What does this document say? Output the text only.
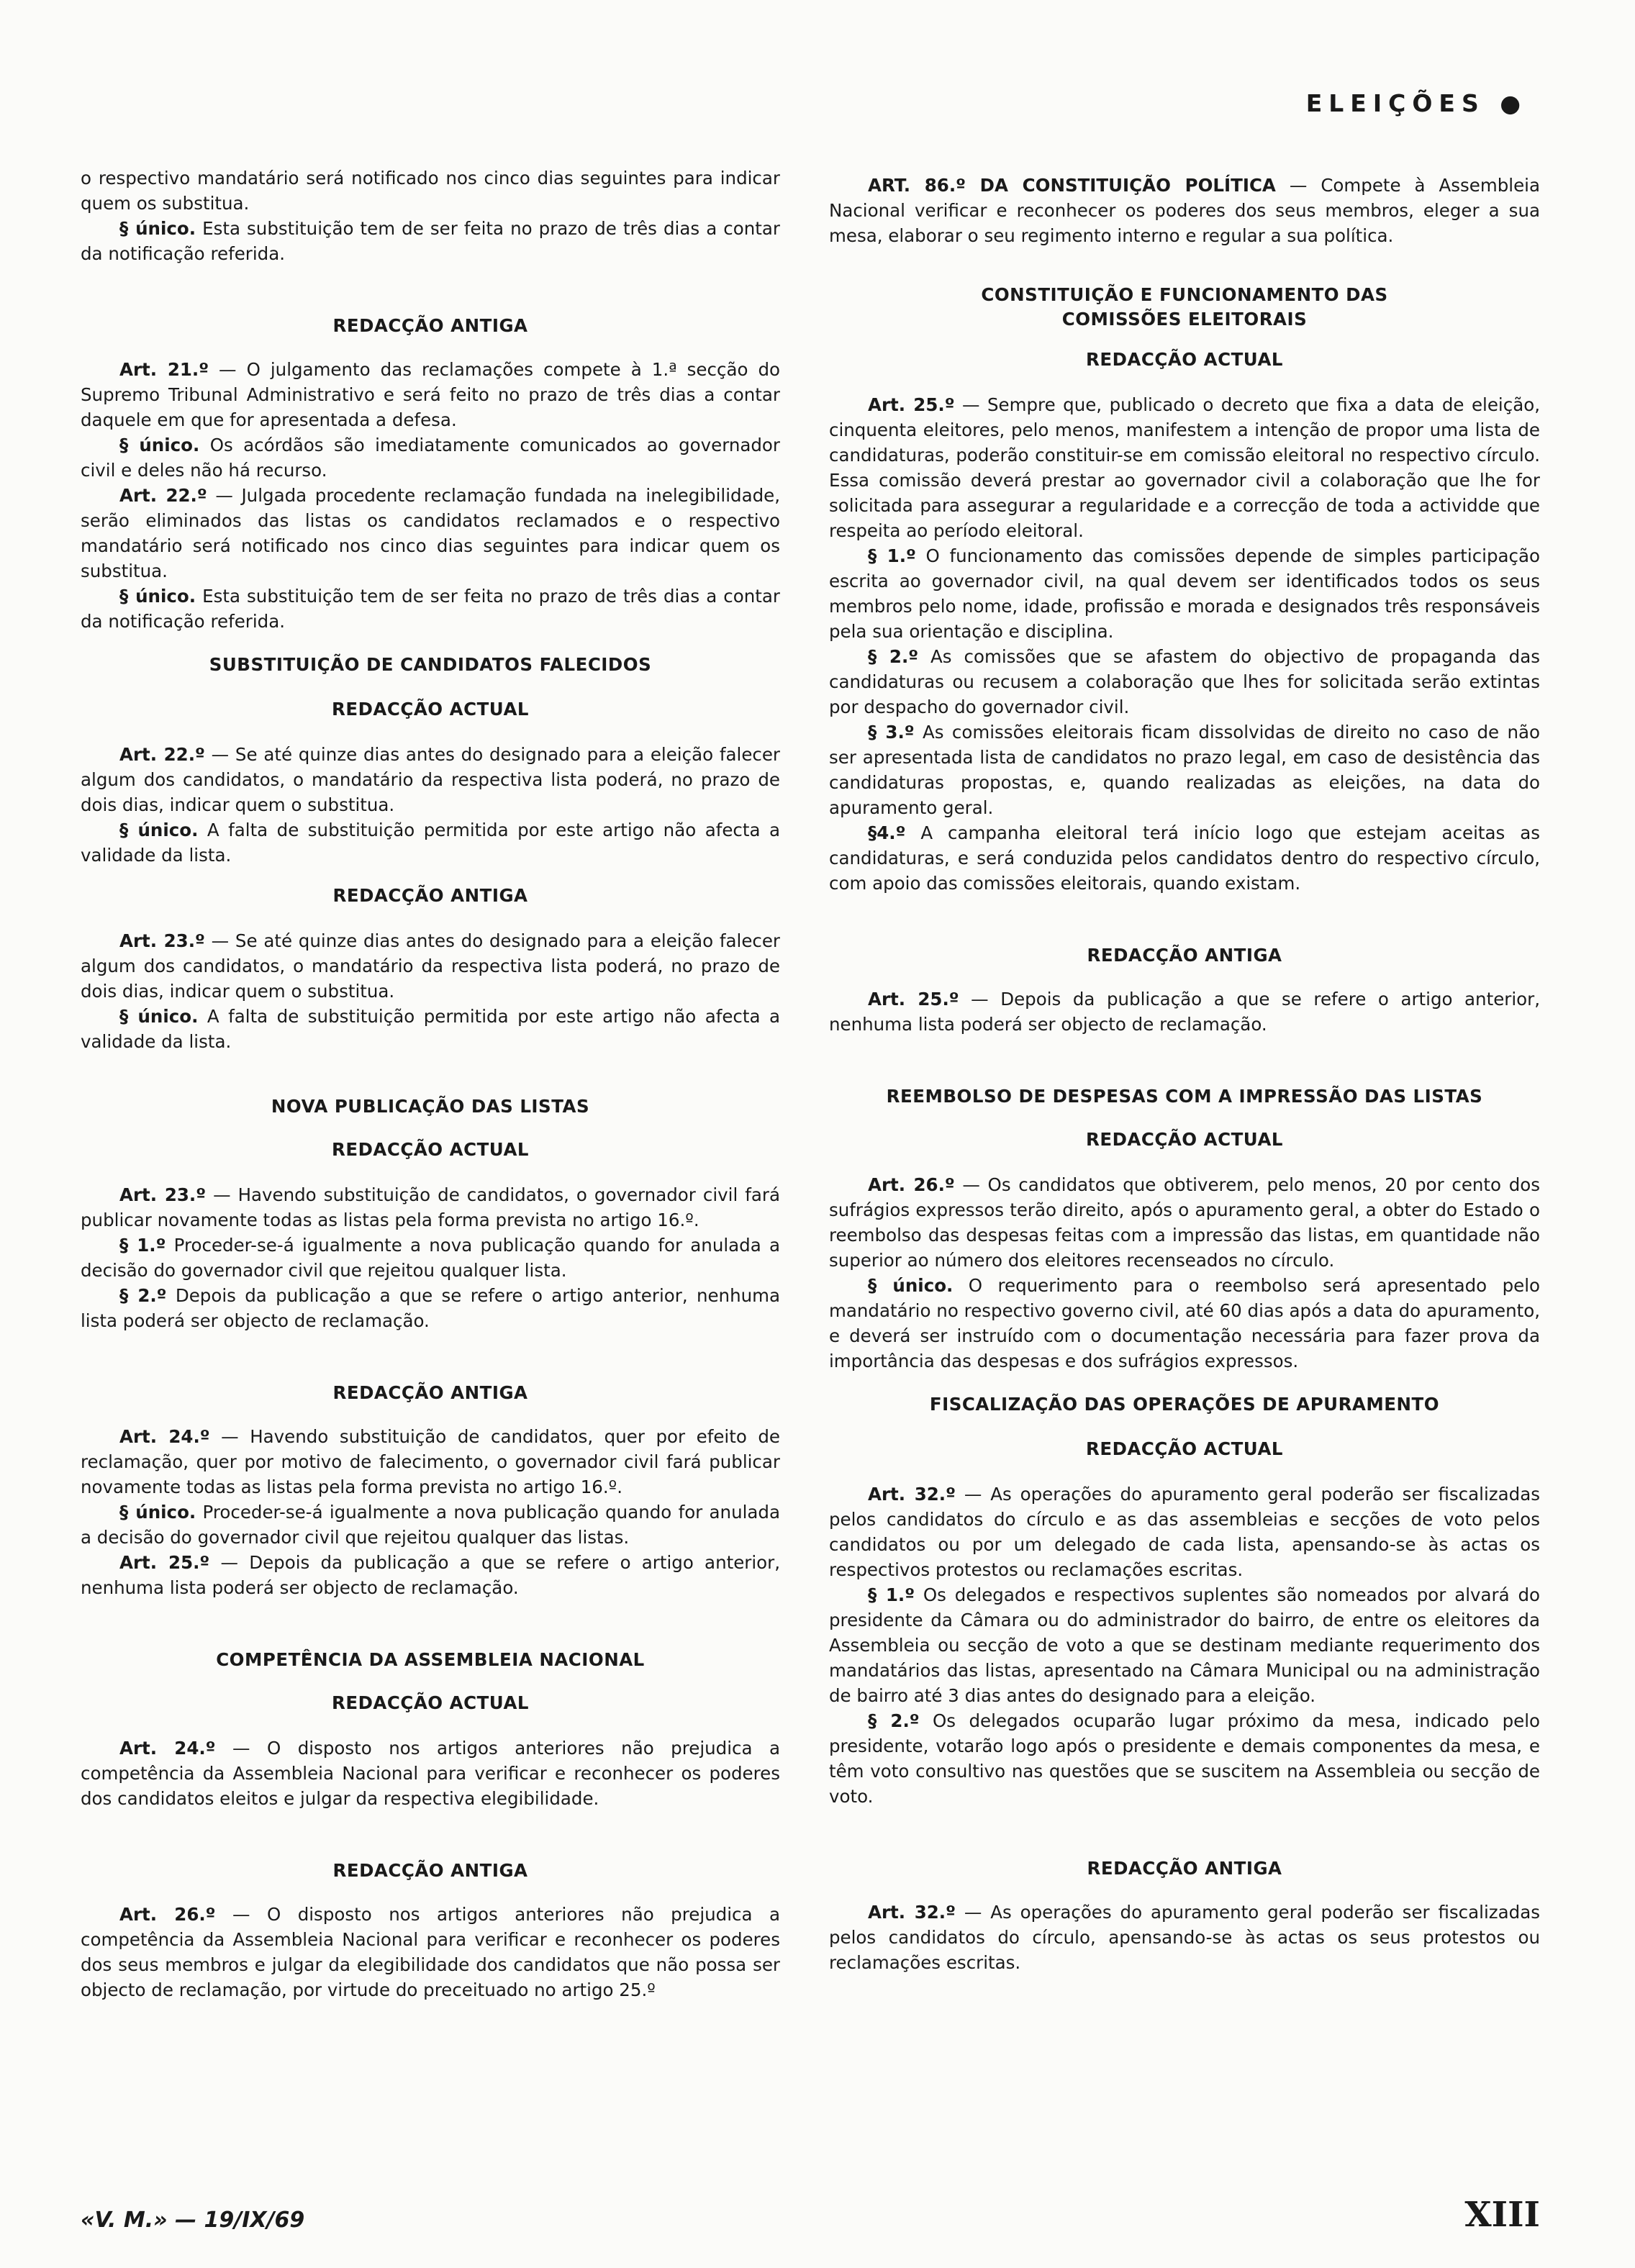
ELEIÇÕES ●

o respectivo mandatário será notificado nos cinco dias seguintes para indicar quem os substitua.

§ único. Esta substituição tem de ser feita no prazo de três dias a contar da notificação referida.

REDACÇÃO ANTIGA

Art. 21.º — O julgamento das reclamações compete à 1.ª secção do Supremo Tribunal Administrativo e será feito no prazo de três dias a contar daquele em que for apresentada a defesa.

§ único. Os acórdãos são imediatamente comunicados ao governador civil e deles não há recurso.

Art. 22.º — Julgada procedente reclamação fundada na inelegibilidade, serão eliminados das listas os candidatos reclamados e o respectivo mandatário será notificado nos cinco dias seguintes para indicar quem os substitua.

§ único. Esta substituição tem de ser feita no prazo de três dias a contar da notificação referida.

SUBSTITUIÇÃO DE CANDIDATOS FALECIDOS
REDACÇÃO ACTUAL

Art. 22.º — Se até quinze dias antes do designado para a eleição falecer algum dos candidatos, o mandatário da respectiva lista poderá, no prazo de dois dias, indicar quem o substitua.

§ único. A falta de substituição permitida por este artigo não afecta a validade da lista.

REDACÇÃO ANTIGA

Art. 23.º — Se até quinze dias antes do designado para a eleição falecer algum dos candidatos, o mandatário da respectiva lista poderá, no prazo de dois dias, indicar quem o substitua.

§ único. A falta de substituição permitida por este artigo não afecta a validade da lista.

NOVA PUBLICAÇÃO DAS LISTAS
REDACÇÃO ACTUAL

Art. 23.º — Havendo substituição de candidatos, o governador civil fará publicar novamente todas as listas pela forma prevista no artigo 16.º.

§ 1.º Proceder-se-á igualmente a nova publicação quando for anulada a decisão do governador civil que rejeitou qualquer lista.

§ 2.º Depois da publicação a que se refere o artigo anterior, nenhuma lista poderá ser objecto de reclamação.

REDACÇÃO ANTIGA

Art. 24.º — Havendo substituição de candidatos, quer por efeito de reclamação, quer por motivo de falecimento, o governador civil fará publicar novamente todas as listas pela forma prevista no artigo 16.º.

§ único. Proceder-se-á igualmente a nova publicação quando for anulada a decisão do governador civil que rejeitou qualquer das listas.

Art. 25.º — Depois da publicação a que se refere o artigo anterior, nenhuma lista poderá ser objecto de reclamação.

COMPETÊNCIA DA ASSEMBLEIA NACIONAL
REDACÇÃO ACTUAL

Art. 24.º — O disposto nos artigos anteriores não prejudica a competência da Assembleia Nacional para verificar e reconhecer os poderes dos candidatos eleitos e julgar da respectiva elegibilidade.

REDACÇÃO ANTIGA

Art. 26.º — O disposto nos artigos anteriores não prejudica a competência da Assembleia Nacional para verificar e reconhecer os poderes dos seus membros e julgar da elegibilidade dos candidatos que não possa ser objecto de reclamação, por virtude do preceituado no artigo 25.º

ART. 86.º DA CONSTITUIÇÃO POLÍTICA — Compete à Assembleia Nacional verificar e reconhecer os poderes dos seus membros, eleger a sua mesa, elaborar o seu regimento interno e regular a sua política.

CONSTITUIÇÃO E FUNCIONAMENTO DAS
COMISSÕES ELEITORAIS
REDACÇÃO ACTUAL

Art. 25.º — Sempre que, publicado o decreto que fixa a data de eleição, cinquenta eleitores, pelo menos, manifestem a intenção de propor uma lista de candidaturas, poderão constituir-se em comissão eleitoral no respectivo círculo. Essa comissão deverá prestar ao governador civil a colaboração que lhe for solicitada para assegurar a regularidade e a correcção de toda a actividde que respeita ao período eleitoral.

§ 1.º O funcionamento das comissões depende de simples participação escrita ao governador civil, na qual devem ser identificados todos os seus membros pelo nome, idade, profissão e morada e designados três responsáveis pela sua orientação e disciplina.

§ 2.º As comissões que se afastem do objectivo de propaganda das candidaturas ou recusem a colaboração que lhes for solicitada serão extintas por despacho do governador civil.

§ 3.º As comissões eleitorais ficam dissolvidas de direito no caso de não ser apresentada lista de candidatos no prazo legal, em caso de desistência das candidaturas propostas, e, quando realizadas as eleições, na data do apuramento geral.

§4.º A campanha eleitoral terá início logo que estejam aceitas as candidaturas, e será conduzida pelos candidatos dentro do respectivo círculo, com apoio das comissões eleitorais, quando existam.

REDACÇÃO ANTIGA

Art. 25.º — Depois da publicação a que se refere o artigo anterior, nenhuma lista poderá ser objecto de reclamação.

REEMBOLSO DE DESPESAS COM A IMPRESSÃO DAS LISTAS
REDACÇÃO ACTUAL

Art. 26.º — Os candidatos que obtiverem, pelo menos, 20 por cento dos sufrágios expressos terão direito, após o apuramento geral, a obter do Estado o reembolso das despesas feitas com a impressão das listas, em quantidade não superior ao número dos eleitores recenseados no círculo.

§ único. O requerimento para o reembolso será apresentado pelo mandatário no respectivo governo civil, até 60 dias após a data do apuramento, e deverá ser instruído com o documentação necessária para fazer prova da importância das despesas e dos sufrágios expressos.

FISCALIZAÇÃO DAS OPERAÇÕES DE APURAMENTO
REDACÇÃO ACTUAL

Art. 32.º — As operações do apuramento geral poderão ser fiscalizadas pelos candidatos do círculo e as das assembleias e secções de voto pelos candidatos ou por um delegado de cada lista, apensando-se às actas os respectivos protestos ou reclamações escritas.

§ 1.º Os delegados e respectivos suplentes são nomeados por alvará do presidente da Câmara ou do administrador do bairro, de entre os eleitores da Assembleia ou secção de voto a que se destinam mediante requerimento dos mandatários das listas, apresentado na Câmara Municipal ou na administração de bairro até 3 dias antes do designado para a eleição.

§ 2.º Os delegados ocuparão lugar próximo da mesa, indicado pelo presidente, votarão logo após o presidente e demais componentes da mesa, e têm voto consultivo nas questões que se suscitem na Assembleia ou secção de voto.

REDACÇÃO ANTIGA

Art. 32.º — As operações do apuramento geral poderão ser fiscalizadas pelos candidatos do círculo, apensando-se às actas os seus protestos ou reclamações escritas.

«V. M.» — 19/IX/69	XIII
